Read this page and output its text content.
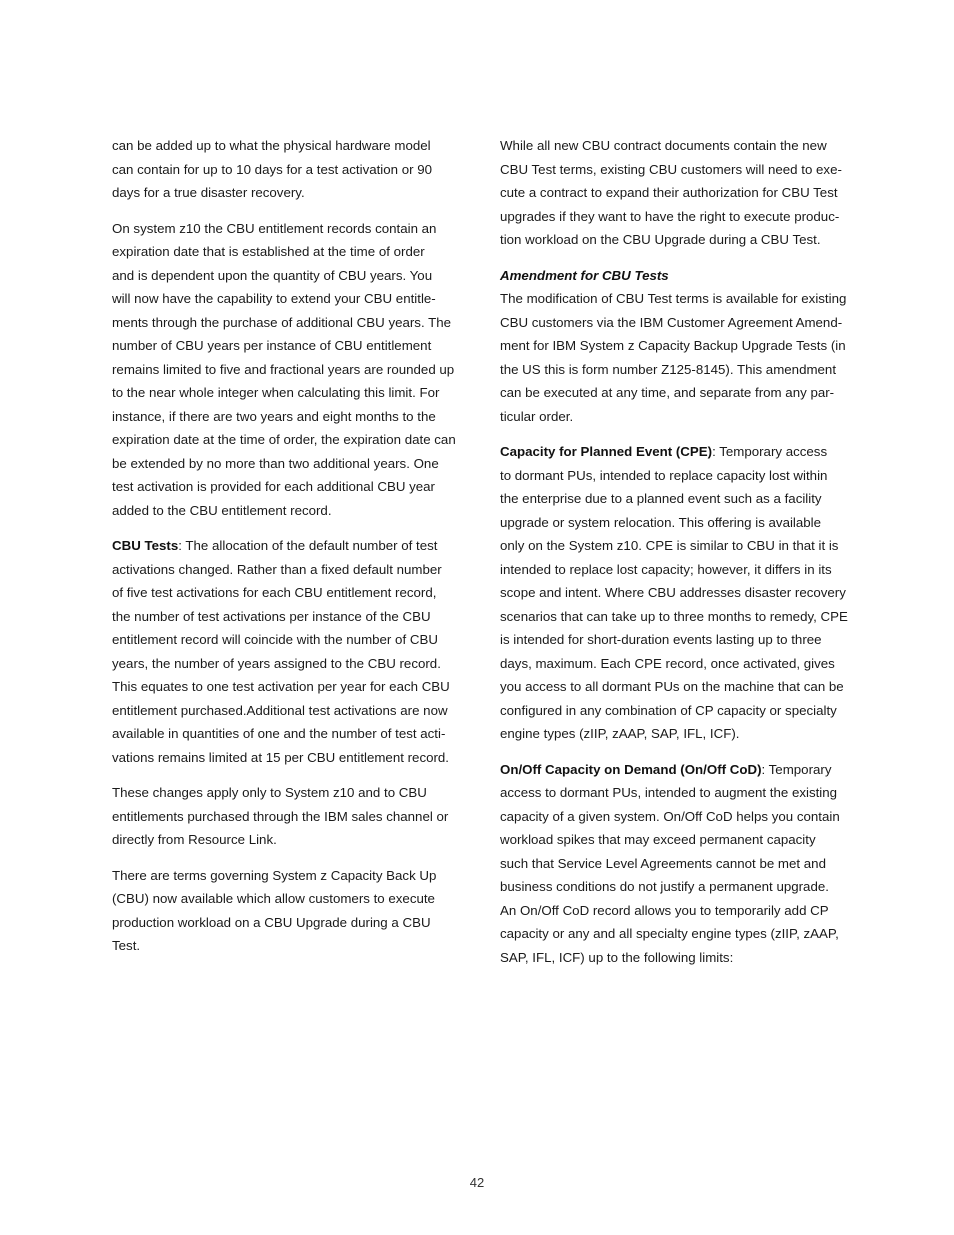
can be added up to what the physical hardware model
can contain for up to 10 days for a test activation or 90
days for a true disaster recovery.

On system z10 the CBU entitlement records contain an
expiration date that is established at the time of order
and is dependent upon the quantity of CBU years. You
will now have the capability to extend your CBU entitle-
ments through the purchase of additional CBU years. The
number of CBU years per instance of CBU entitlement
remains limited to five and fractional years are rounded up
to the near whole integer when calculating this limit. For
instance, if there are two years and eight months to the
expiration date at the time of order, the expiration date can
be extended by no more than two additional years. One
test activation is provided for each additional CBU year
added to the CBU entitlement record.

CBU Tests: The allocation of the default number of test
activations changed. Rather than a fixed default number
of five test activations for each CBU entitlement record,
the number of test activations per instance of the CBU
entitlement record will coincide with the number of CBU
years, the number of years assigned to the CBU record.
This equates to one test activation per year for each CBU
entitlement purchased.Additional test activations are now
available in quantities of one and the number of test acti-
vations remains limited at 15 per CBU entitlement record.

These changes apply only to System z10 and to CBU
entitlements purchased through the IBM sales channel or
directly from Resource Link.

There are terms governing System z Capacity Back Up
(CBU) now available which allow customers to execute
production workload on a CBU Upgrade during a CBU
Test.

While all new CBU contract documents contain the new
CBU Test terms, existing CBU customers will need to exe-
cute a contract to expand their authorization for CBU Test
upgrades if they want to have the right to execute produc-
tion workload on the CBU Upgrade during a CBU Test.

Amendment for CBU Tests
The modification of CBU Test terms is available for existing
CBU customers via the IBM Customer Agreement Amend-
ment for IBM System z Capacity Backup Upgrade Tests (in
the US this is form number Z125-8145). This amendment
can be executed at any time, and separate from any par-
ticular order.

Capacity for Planned Event (CPE): Temporary access
to dormant PUs, intended to replace capacity lost within
the enterprise due to a planned event such as a facility
upgrade or system relocation. This offering is available
only on the System z10. CPE is similar to CBU in that it is
intended to replace lost capacity; however, it differs in its
scope and intent. Where CBU addresses disaster recovery
scenarios that can take up to three months to remedy, CPE
is intended for short-duration events lasting up to three
days, maximum. Each CPE record, once activated, gives
you access to all dormant PUs on the machine that can be
configured in any combination of CP capacity or specialty
engine types (zIIP, zAAP, SAP, IFL, ICF).

On/Off Capacity on Demand (On/Off CoD): Temporary
access to dormant PUs, intended to augment the existing
capacity of a given system. On/Off CoD helps you contain
workload spikes that may exceed permanent capacity
such that Service Level Agreements cannot be met and
business conditions do not justify a permanent upgrade.
An On/Off CoD record allows you to temporarily add CP
capacity or any and all specialty engine types (zIIP, zAAP,
SAP, IFL, ICF) up to the following limits:

42
